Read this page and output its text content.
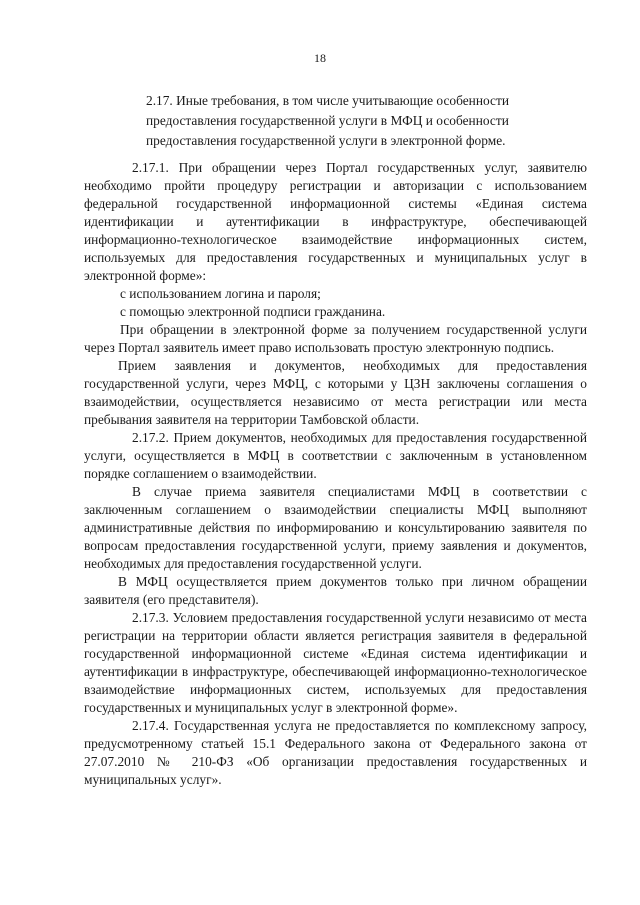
18
2.17. Иные требования, в том числе учитывающие особенности предоставления государственной услуги в МФЦ и особенности предоставления государственной услуги в электронной форме.

2.17.1. При обращении через Портал государственных услуг, заявителю необходимо пройти процедуру регистрации и авторизации с использованием федеральной государственной информационной системы «Единая система идентификации и аутентификации в инфраструктуре, обеспечивающей информационно-технологическое взаимодействие информационных систем, используемых для предоставления государственных и муниципальных услуг в электронной форме»:

с использованием логина и пароля;

с помощью электронной подписи гражданина.

При обращении в электронной форме за получением государственной услуги через Портал заявитель имеет право использовать простую электронную подпись.

Прием заявления и документов, необходимых для предоставления государственной услуги, через МФЦ, с которыми у ЦЗН заключены соглашения о взаимодействии, осуществляется независимо от места регистрации или места пребывания заявителя на территории Тамбовской области.

2.17.2. Прием документов, необходимых для предоставления государственной услуги, осуществляется в МФЦ в соответствии с заключенным в установленном порядке соглашением о взаимодействии.

В случае приема заявителя специалистами МФЦ в соответствии с заключенным соглашением о взаимодействии специалисты МФЦ выполняют административные действия по информированию и консультированию заявителя по вопросам предоставления государственной услуги, приему заявления и документов, необходимых для предоставления государственной услуги.

В МФЦ осуществляется прием документов только при личном обращении заявителя (его представителя).

2.17.3. Условием предоставления государственной услуги независимо от места регистрации на территории области является регистрация заявителя в федеральной государственной информационной системе «Единая система идентификации и аутентификации в инфраструктуре, обеспечивающей информационно-технологическое взаимодействие информационных систем, используемых для предоставления государственных и муниципальных услуг в электронной форме».

2.17.4. Государственная услуга не предоставляется по комплексному запросу, предусмотренному статьей 15.1 Федерального закона от Федерального закона от 27.07.2010 № 210-ФЗ «Об организации предоставления государственных и муниципальных услуг».
